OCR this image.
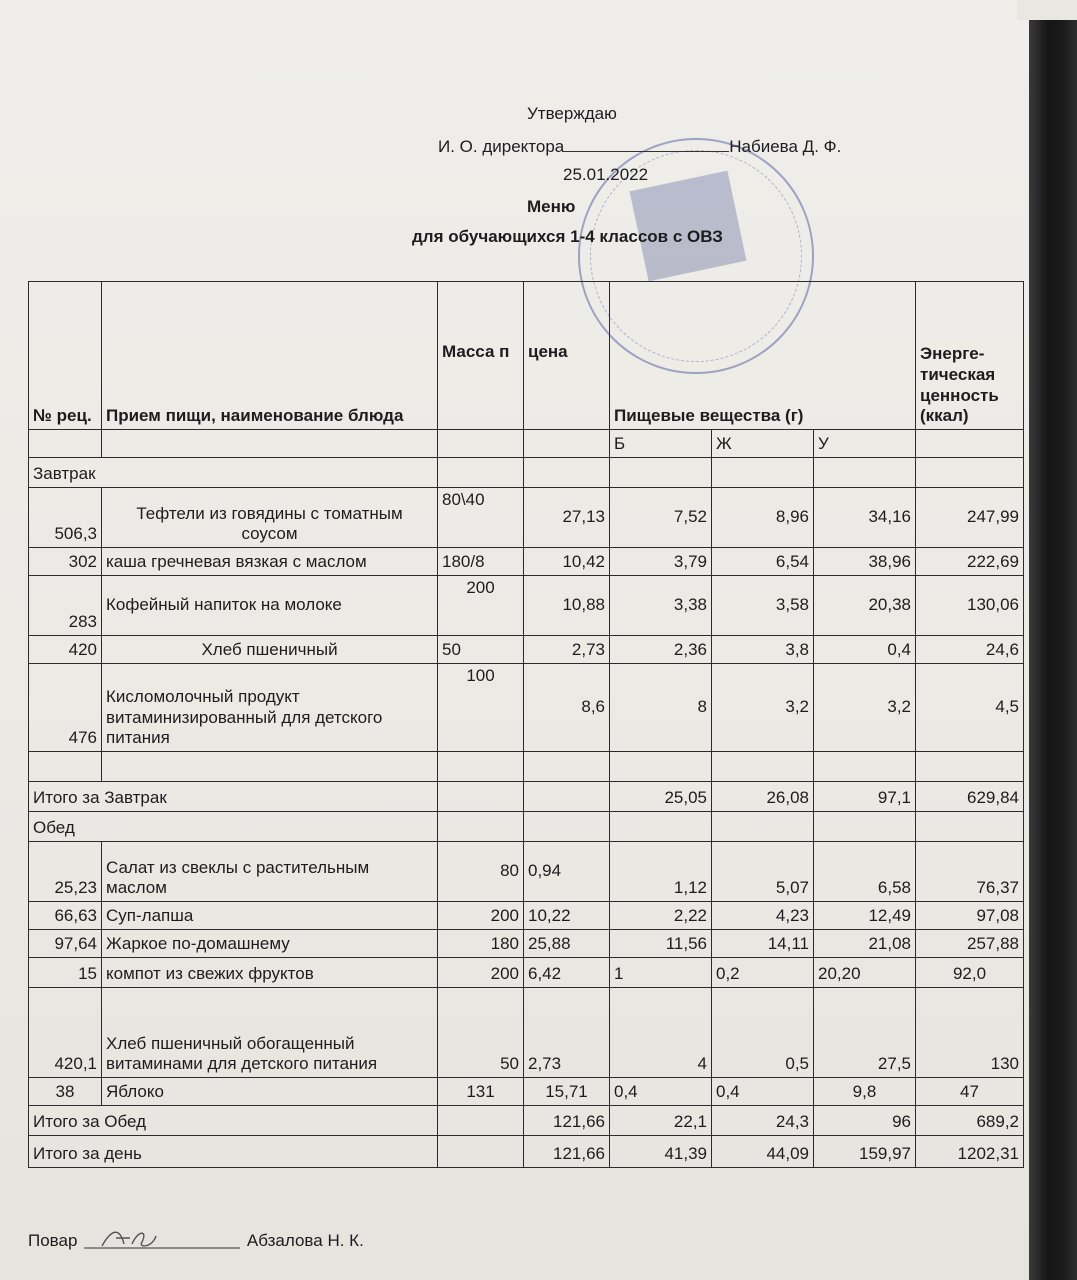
Утверждаю
И. О. директора	Набиева Д. Ф.
25.01.2022
Меню
для обучающихся 1-4 классов с ОВЗ
№ рец.	Прием пищи, наименование блюда	Масса п	цена	Пищевые вещества (г)			Энерге-тическая ценность (ккал)
				Б	Ж	У	
Завтрак							
506,3	Тефтели из говядины с томатным соусом	80\40	27,13	7,52	8,96	34,16	247,99
302	каша гречневая вязкая с маслом	180/8	10,42	3,79	6,54	38,96	222,69
283	Кофейный напиток на молоке	200	10,88	3,38	3,58	20,38	130,06
420	Хлеб пшеничный	50	2,73	2,36	3,8	0,4	24,6
476	Кисломолочный продукт витаминизированный для детского питания	100	8,6	8	3,2	3,2	4,5

Итого за Завтрак				25,05	26,08	97,1	629,84
Обед							
25,23	Салат из свеклы с растительным маслом	80	0,94	1,12	5,07	6,58	76,37
66,63	Суп-лапша	200	10,22	2,22	4,23	12,49	97,08
97,64	Жаркое по-домашнему	180	25,88	11,56	14,11	21,08	257,88
15	компот из свежих фруктов	200	6,42	1	0,2	20,20	92,0
420,1	Хлеб пшеничный обогащенный витаминами для детского питания	50	2,73	4	0,5	27,5	130
38	Яблоко	131	15,71	0,4	0,4	9,8	47
Итого за Обед			121,66	22,1	24,3	96	689,2
Итого за день			121,66	41,39	44,09	159,97	1202,31
Повар	Абзалова Н. К.
